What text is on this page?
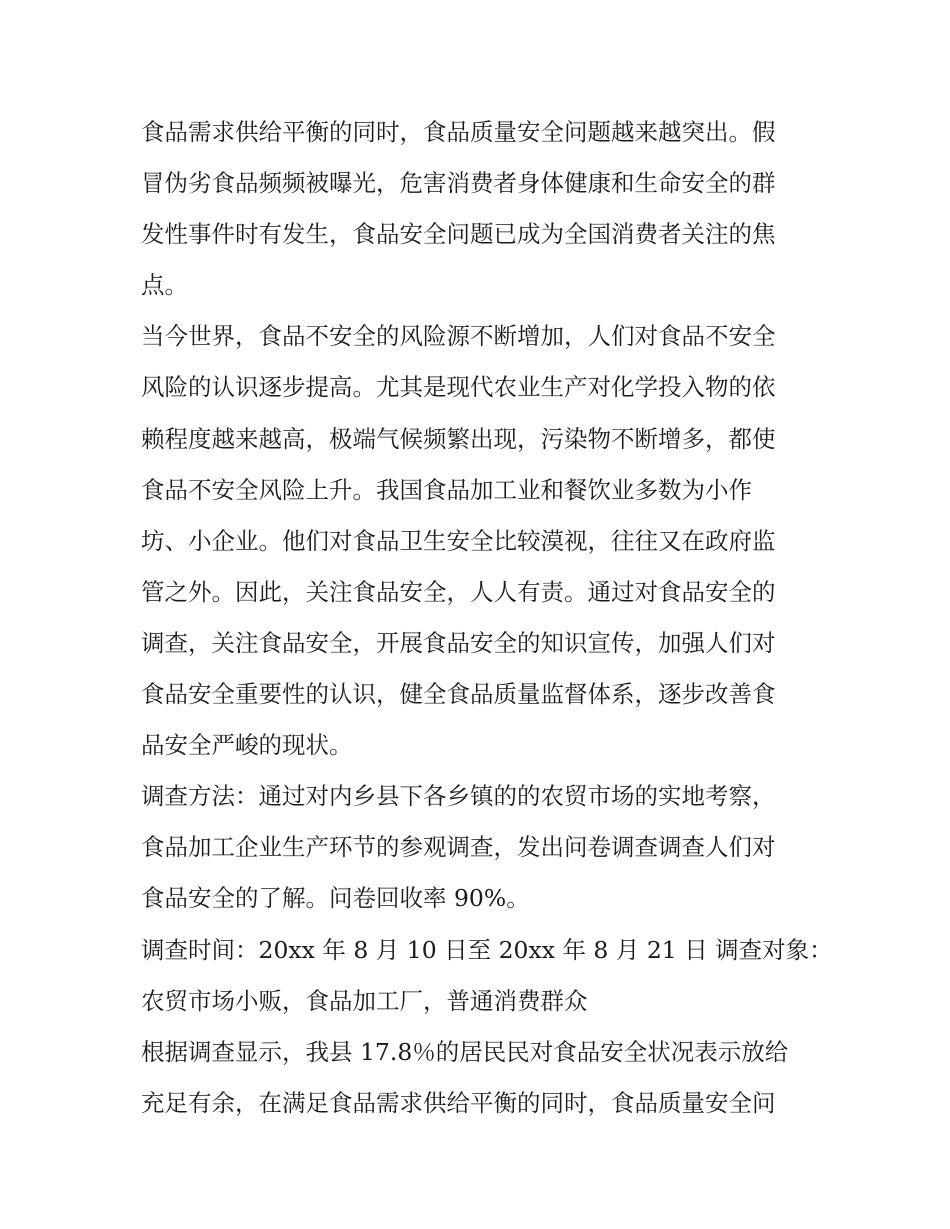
食品需求供给平衡的同时，食品质量安全问题越来越突出。假
冒伪劣食品频频被曝光，危害消费者身体健康和生命安全的群
发性事件时有发生，食品安全问题已成为全国消费者关注的焦
点。
当今世界，食品不安全的风险源不断增加，人们对食品不安全
风险的认识逐步提高。尤其是现代农业生产对化学投入物的依
赖程度越来越高，极端气候频繁出现，污染物不断增多，都使
食品不安全风险上升。我国食品加工业和餐饮业多数为小作
坊、小企业。他们对食品卫生安全比较漠视，往往又在政府监
管之外。因此，关注食品安全，人人有责。通过对食品安全的
调查，关注食品安全，开展食品安全的知识宣传，加强人们对
食品安全重要性的认识，健全食品质量监督体系，逐步改善食
品安全严峻的现状。
调查方法：通过对内乡县下各乡镇的的农贸市场的实地考察，
食品加工企业生产环节的参观调查，发出问卷调查调查人们对
食品安全的了解。问卷回收率 90%。
调查时间：20xx 年 8 月 10 日至 20xx 年 8 月 21 日 调查对象：
农贸市场小贩，食品加工厂，普通消费群众
根据调查显示，我县 17.8％的居民民对食品安全状况表示放给
充足有余，在满足食品需求供给平衡的同时，食品质量安全问
